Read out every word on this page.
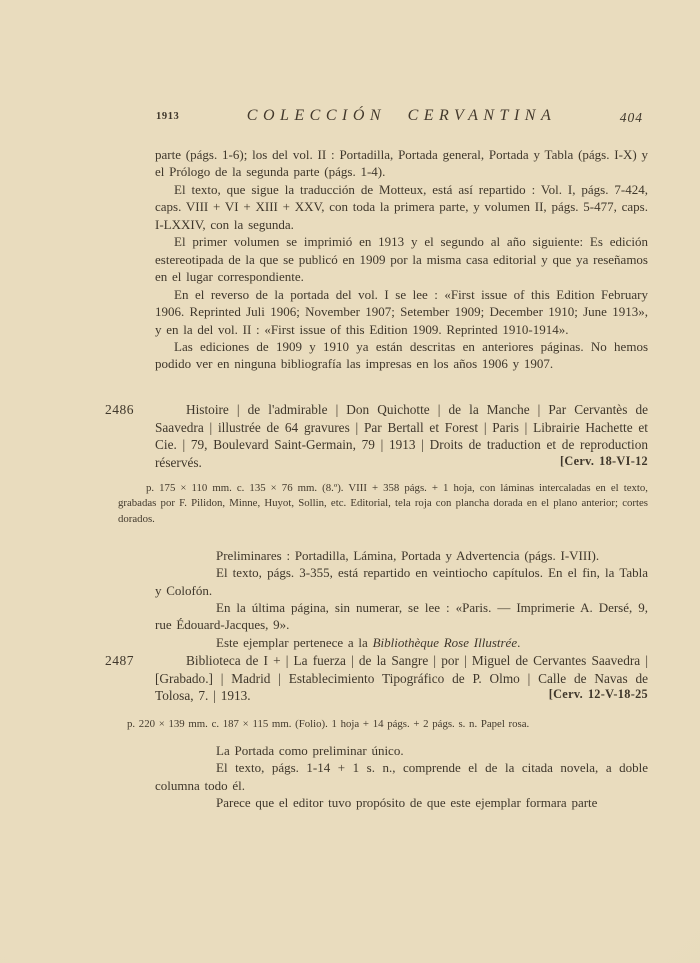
1913	COLECCIÓN CERVANTINA	404

parte (págs. 1-6); los del vol. II : Portadilla, Portada general, Portada y Tabla (págs. I-X) y el Prólogo de la segunda parte (págs. 1-4).

El texto, que sigue la traducción de Motteux, está así repartido : Vol. I, págs. 7-424, caps. VIII + VI + XIII + XXV, con toda la primera parte, y volumen II, págs. 5-477, caps. I-LXXIV, con la segunda.

El primer volumen se imprimió en 1913 y el segundo al año siguiente: Es edición estereotipada de la que se publicó en 1909 por la misma casa editorial y que ya reseñamos en el lugar correspondiente.

En el reverso de la portada del vol. I se lee : «First issue of this Edition February 1906. Reprinted Juli 1906; November 1907; Setember 1909; December 1910; June 1913», y en la del vol. II : «First issue of this Edition 1909. Reprinted 1910-1914».

Las ediciones de 1909 y 1910 ya están descritas en anteriores páginas. No hemos podido ver en ninguna bibliografía las impresas en los años 1906 y 1907.

2486	Histoire | de l'admirable | Don Quichotte | de la Manche | Par Cervantès de Saavedra | illustrée de 64 gravures | Par Bertall et Forest | Paris | Librairie Hachette et Cie. | 79, Boulevard Saint-Germain, 79 | 1913 | Droits de traduction et de reproduction réservés.	[Cerv. 18-VI-12

p. 175 × 110 mm. c. 135 × 76 mm. (8.º). VIII + 358 págs. + 1 hoja, con láminas intercaladas en el texto, grabadas por F. Pilidon, Minne, Huyot, Sollin, etc. Editorial, tela roja con plancha dorada en el plano anterior; cortes dorados.

Preliminares : Portadilla, Lámina, Portada y Advertencia (págs. I-VIII).

El texto, págs. 3-355, está repartido en veintiocho capítulos. En el fin, la Tabla y Colofón.

En la última página, sin numerar, se lee : «Paris. — Imprimerie A. Dersé, 9, rue Édouard-Jacques, 9».

Este ejemplar pertenece a la Bibliothèque Rose Illustrée.

2487	Biblioteca de I + | La fuerza | de la Sangre | por | Miguel de Cervantes Saavedra | [Grabado.] | Madrid | Establecimiento Tipográfico de P. Olmo | Calle de Navas de Tolosa, 7. | 1913.	[Cerv. 12-V-18-25

p. 220 × 139 mm. c. 187 × 115 mm. (Folio). 1 hoja + 14 págs. + 2 págs. s. n. Papel rosa.

La Portada como preliminar único.

El texto, págs. 1-14 + 1 s. n., comprende el de la citada novela, a doble columna todo él.

Parece que el editor tuvo propósito de que este ejemplar formara parte
